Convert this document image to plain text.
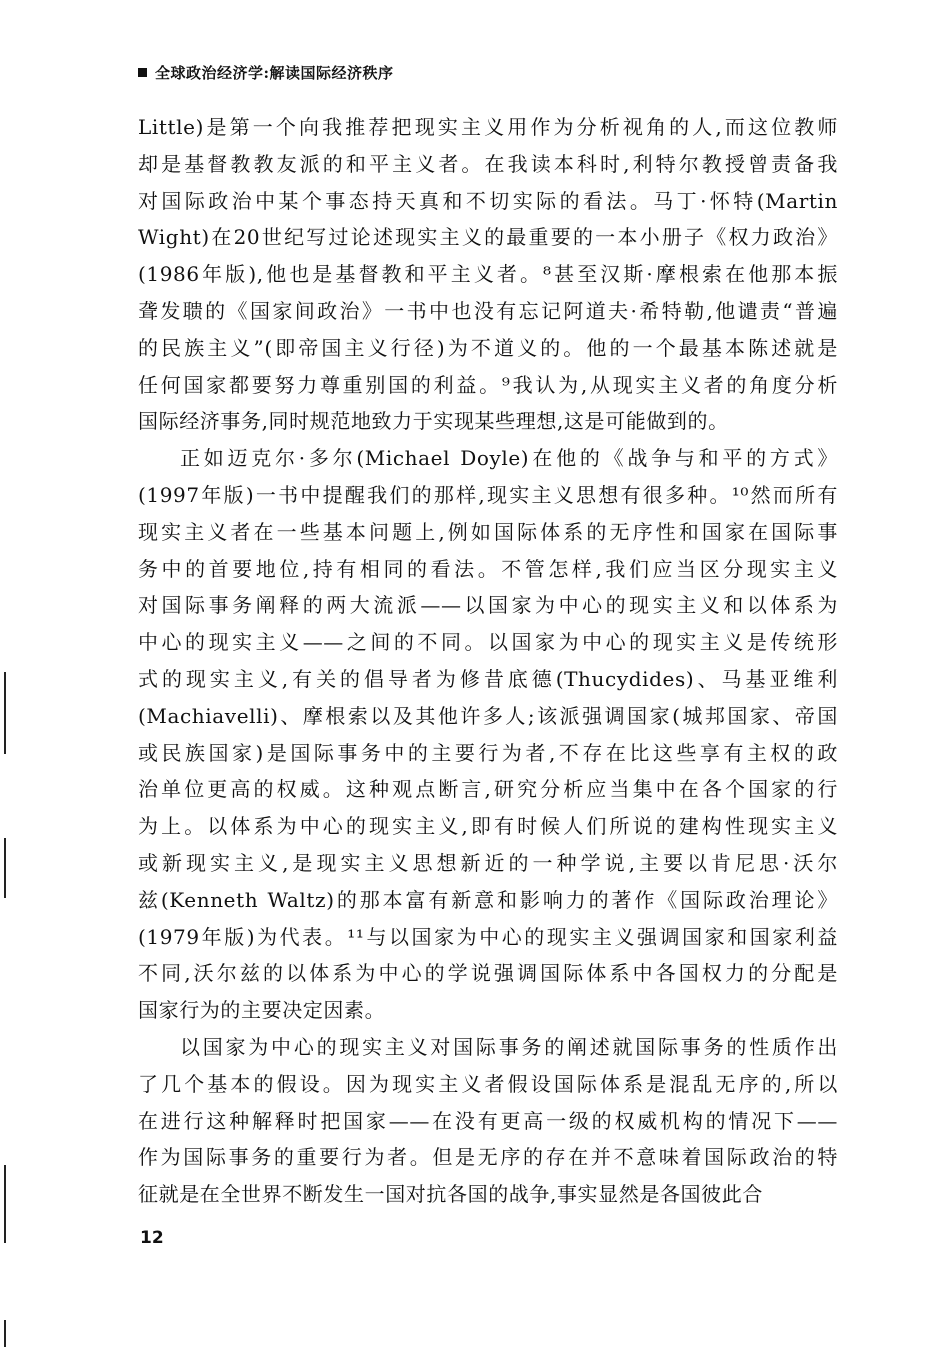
全球政治经济学:解读国际经济秩序
Little)是第一个向我推荐把现实主义用作为分析视角的人,而这位教师
却是基督教教友派的和平主义者。在我读本科时,利特尔教授曾责备我
对国际政治中某个事态持天真和不切实际的看法。马丁·怀特(Martin
Wight)在20世纪写过论述现实主义的最重要的一本小册子《权力政治》
(1986年版),他也是基督教和平主义者。⁸甚至汉斯·摩根索在他那本振
聋发聩的《国家间政治》一书中也没有忘记阿道夫·希特勒,他谴责“普遍
的民族主义”(即帝国主义行径)为不道义的。他的一个最基本陈述就是
任何国家都要努力尊重别国的利益。⁹我认为,从现实主义者的角度分析
国际经济事务,同时规范地致力于实现某些理想,这是可能做到的。
正如迈克尔·多尔(Michael Doyle)在他的《战争与和平的方式》
(1997年版)一书中提醒我们的那样,现实主义思想有很多种。¹⁰然而所有
现实主义者在一些基本问题上,例如国际体系的无序性和国家在国际事
务中的首要地位,持有相同的看法。不管怎样,我们应当区分现实主义
对国际事务阐释的两大流派——以国家为中心的现实主义和以体系为
中心的现实主义——之间的不同。以国家为中心的现实主义是传统形
式的现实主义,有关的倡导者为修昔底德(Thucydides)、马基亚维利
(Machiavelli)、摩根索以及其他许多人;该派强调国家(城邦国家、帝国
或民族国家)是国际事务中的主要行为者,不存在比这些享有主权的政
治单位更高的权威。这种观点断言,研究分析应当集中在各个国家的行
为上。以体系为中心的现实主义,即有时候人们所说的建构性现实主义
或新现实主义,是现实主义思想新近的一种学说,主要以肯尼思·沃尔
兹(Kenneth Waltz)的那本富有新意和影响力的著作《国际政治理论》
(1979年版)为代表。¹¹与以国家为中心的现实主义强调国家和国家利益
不同,沃尔兹的以体系为中心的学说强调国际体系中各国权力的分配是
国家行为的主要决定因素。
以国家为中心的现实主义对国际事务的阐述就国际事务的性质作出
了几个基本的假设。因为现实主义者假设国际体系是混乱无序的,所以
在进行这种解释时把国家——在没有更高一级的权威机构的情况下——
作为国际事务的重要行为者。但是无序的存在并不意味着国际政治的特
征就是在全世界不断发生一国对抗各国的战争,事实显然是各国彼此合
12
